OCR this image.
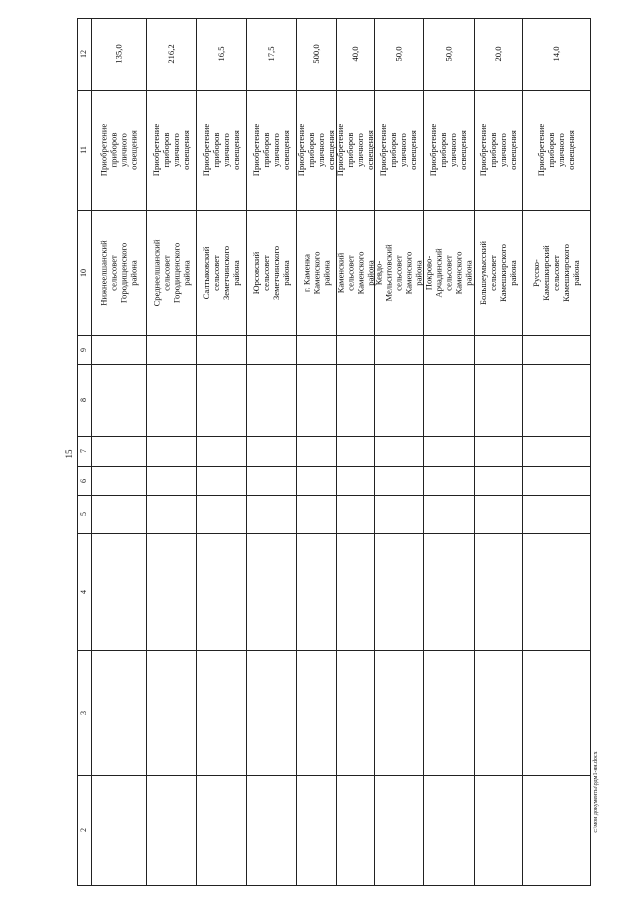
15
c:\мои документы\рдм1-ян.docx
12
11
10
9
8
7
6
5
4
3
2
135,0
Приобретение
приборов уличного
освещения
Нижнеелшанский
сельсовет
Городищенского
района
216,2
Приобретение
приборов уличного
освещения
Среднеелшанский
сельсовет
Городищенского
района
16,5
Приобретение
приборов уличного
освещения
Салтыковский
сельсовет
Земетчинского
района
17,5
Приобретение
приборов уличного
освещения
Юрсовский
сельсовет
Земетчинского
района
500,0
Приобретение
приборов уличного
освещения
г. Каменка
Каменского района
40,0
Приобретение
приборов уличного
освещения
Каменский
сельсовет
Каменского района
50,0
Приобретение
приборов уличного
освещения
Кевдо-
Мельситовский
сельсовет
Каменского района
50,0
Приобретение
приборов уличного
освещения
Покрово-
Арчадинский
сельсовет
Каменского района
20,0
Приобретение
приборов уличного
освещения
Большеумысский
сельсовет
Камешкирского
района
14,0
Приобретение
приборов уличного
освещения
Русско-
Камешкирский
сельсовет
Камешкирского
района
